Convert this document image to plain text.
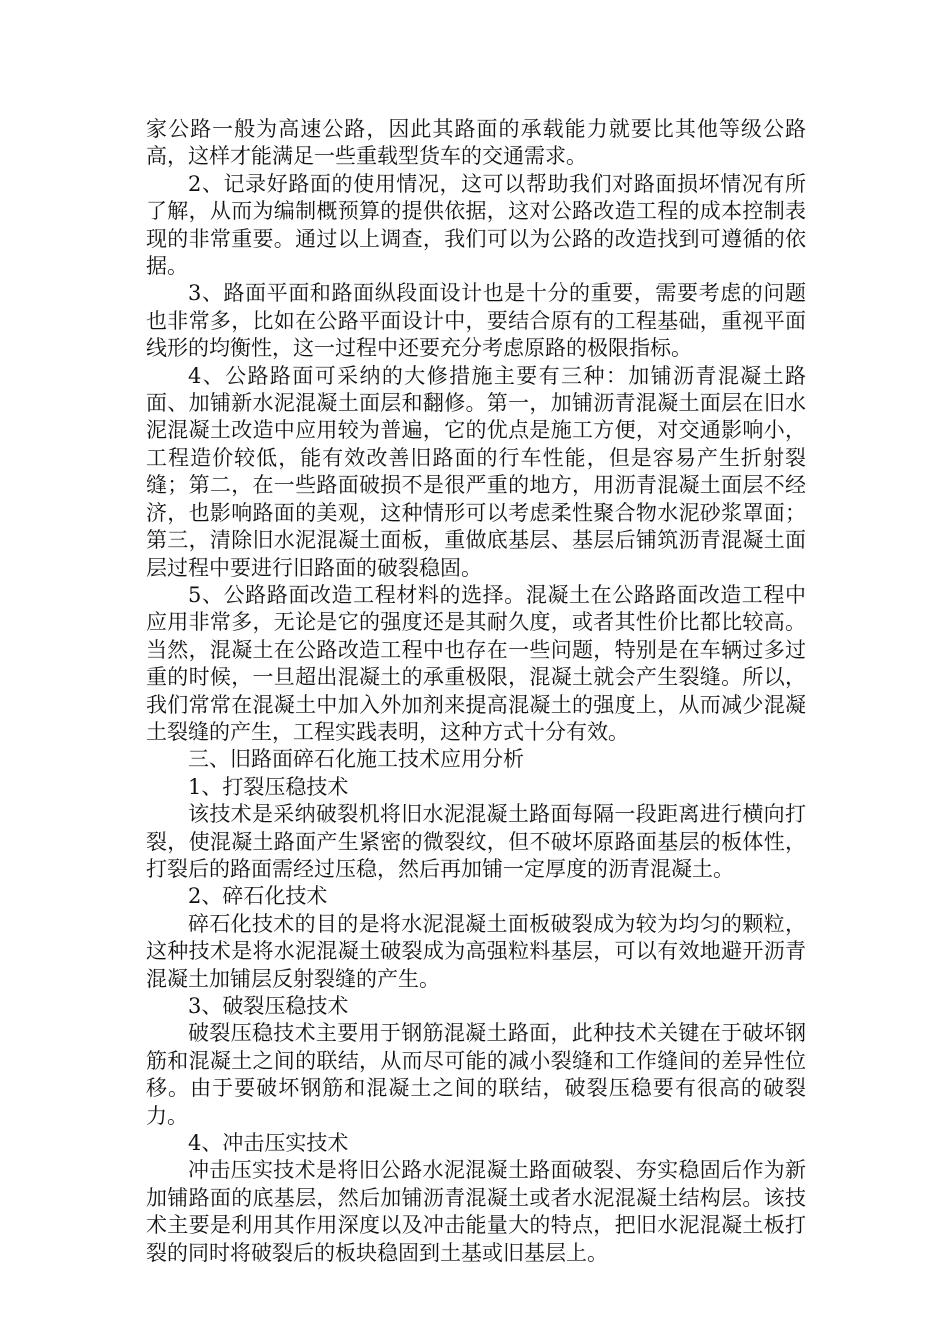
家公路一般为高速公路，因此其路面的承载能力就要比其他等级公路高，这样才能满足一些重载型货车的交通需求。

2、记录好路面的使用情况，这可以帮助我们对路面损坏情况有所了解，从而为编制概预算的提供依据，这对公路改造工程的成本控制表现的非常重要。通过以上调查，我们可以为公路的改造找到可遵循的依据。

3、路面平面和路面纵段面设计也是十分的重要，需要考虑的问题也非常多，比如在公路平面设计中，要结合原有的工程基础，重视平面线形的均衡性，这一过程中还要充分考虑原路的极限指标。

4、公路路面可采纳的大修措施主要有三种：加铺沥青混凝土路面、加铺新水泥混凝土面层和翻修。第一，加铺沥青混凝土面层在旧水泥混凝土改造中应用较为普遍，它的优点是施工方便，对交通影响小，工程造价较低，能有效改善旧路面的行车性能，但是容易产生折射裂缝；第二，在一些路面破损不是很严重的地方，用沥青混凝土面层不经济，也影响路面的美观，这种情形可以考虑柔性聚合物水泥砂浆罩面；第三，清除旧水泥混凝土面板，重做底基层、基层后铺筑沥青混凝土面层过程中要进行旧路面的破裂稳固。

5、公路路面改造工程材料的选择。混凝土在公路路面改造工程中应用非常多，无论是它的强度还是其耐久度，或者其性价比都比较高。当然，混凝土在公路改造工程中也存在一些问题，特别是在车辆过多过重的时候，一旦超出混凝土的承重极限，混凝土就会产生裂缝。所以，我们常常在混凝土中加入外加剂来提高混凝土的强度上，从而减少混凝土裂缝的产生，工程实践表明，这种方式十分有效。

三、旧路面碎石化施工技术应用分析

1、打裂压稳技术

该技术是采纳破裂机将旧水泥混凝土路面每隔一段距离进行横向打裂，使混凝土路面产生紧密的微裂纹，但不破坏原路面基层的板体性，打裂后的路面需经过压稳，然后再加铺一定厚度的沥青混凝土。

2、碎石化技术

碎石化技术的目的是将水泥混凝土面板破裂成为较为均匀的颗粒，这种技术是将水泥混凝土破裂成为高强粒料基层，可以有效地避开沥青混凝土加铺层反射裂缝的产生。

3、破裂压稳技术

破裂压稳技术主要用于钢筋混凝土路面，此种技术关键在于破坏钢筋和混凝土之间的联结，从而尽可能的减小裂缝和工作缝间的差异性位移。由于要破坏钢筋和混凝土之间的联结，破裂压稳要有很高的破裂力。

4、冲击压实技术

冲击压实技术是将旧公路水泥混凝土路面破裂、夯实稳固后作为新加铺路面的底基层，然后加铺沥青混凝土或者水泥混凝土结构层。该技术主要是利用其作用深度以及冲击能量大的特点，把旧水泥混凝土板打裂的同时将破裂后的板块稳固到土基或旧基层上。
